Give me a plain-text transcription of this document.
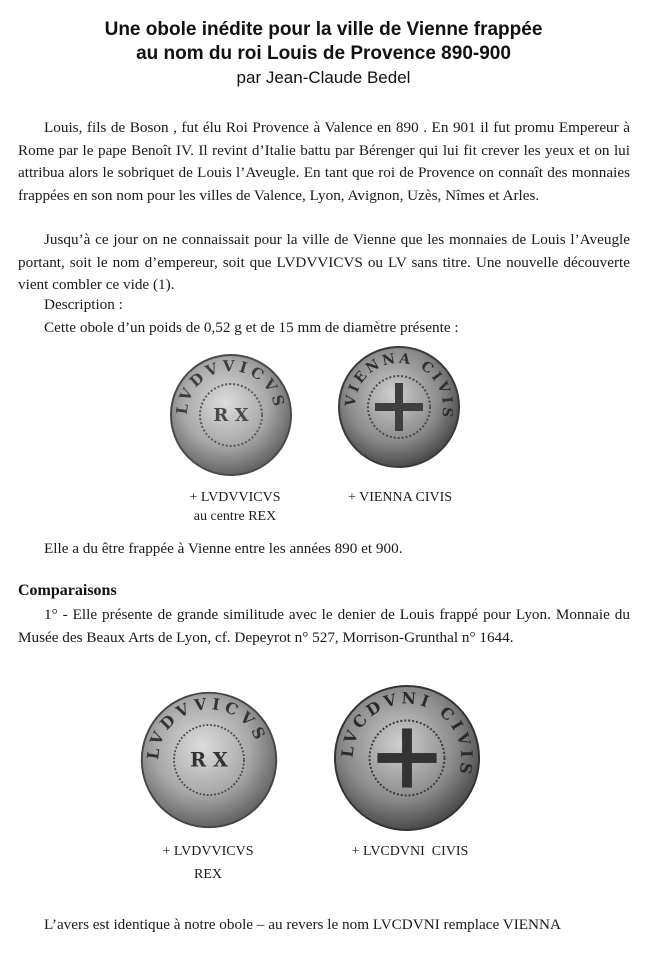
Une obole inédite pour la ville de Vienne frappée
au nom du roi Louis de Provence 890-900
par Jean-Claude Bedel
Louis, fils de Boson , fut élu Roi Provence à Valence en 890 . En 901 il fut promu Empereur à Rome par le pape Benoît IV. Il revint d’Italie battu par Bérenger qui lui fit crever les yeux et on lui attribua alors le sobriquet de Louis l’Aveugle. En tant que roi de Provence on connaît des monnaies frappées en son nom pour les villes de Valence, Lyon, Avignon, Uzès, Nîmes et Arles.
Jusqu’à ce jour on ne connaissait pour la ville de Vienne que les monnaies de Louis l’Aveugle portant, soit le nom d’empereur, soit que LVDVVICVS ou LV sans titre. Une nouvelle découverte vient combler ce vide (1).
Description :
Cette obole d’un poids de 0,52 g et de 15 mm de diamètre présente :
LVDVVICVS
R X
VIENNA CIVIS
+ LVDVVICVS
au centre REX
+ VIENNA CIVIS
Elle a du être frappée à Vienne entre les années 890 et 900.
Comparaisons
1° - Elle présente de grande similitude avec le denier de Louis frappé pour Lyon. Monnaie du Musée des Beaux Arts de Lyon, cf. Depeyrot n° 527, Morrison-Grunthal n° 1644.
LVDVVICVS
R X	LVCDVNI CIVIS
+ LVDVVICVS
REX
+ LVCDVNI  CIVIS
L’avers est identique à notre obole – au revers le nom LVCDVNI remplace VIENNA
